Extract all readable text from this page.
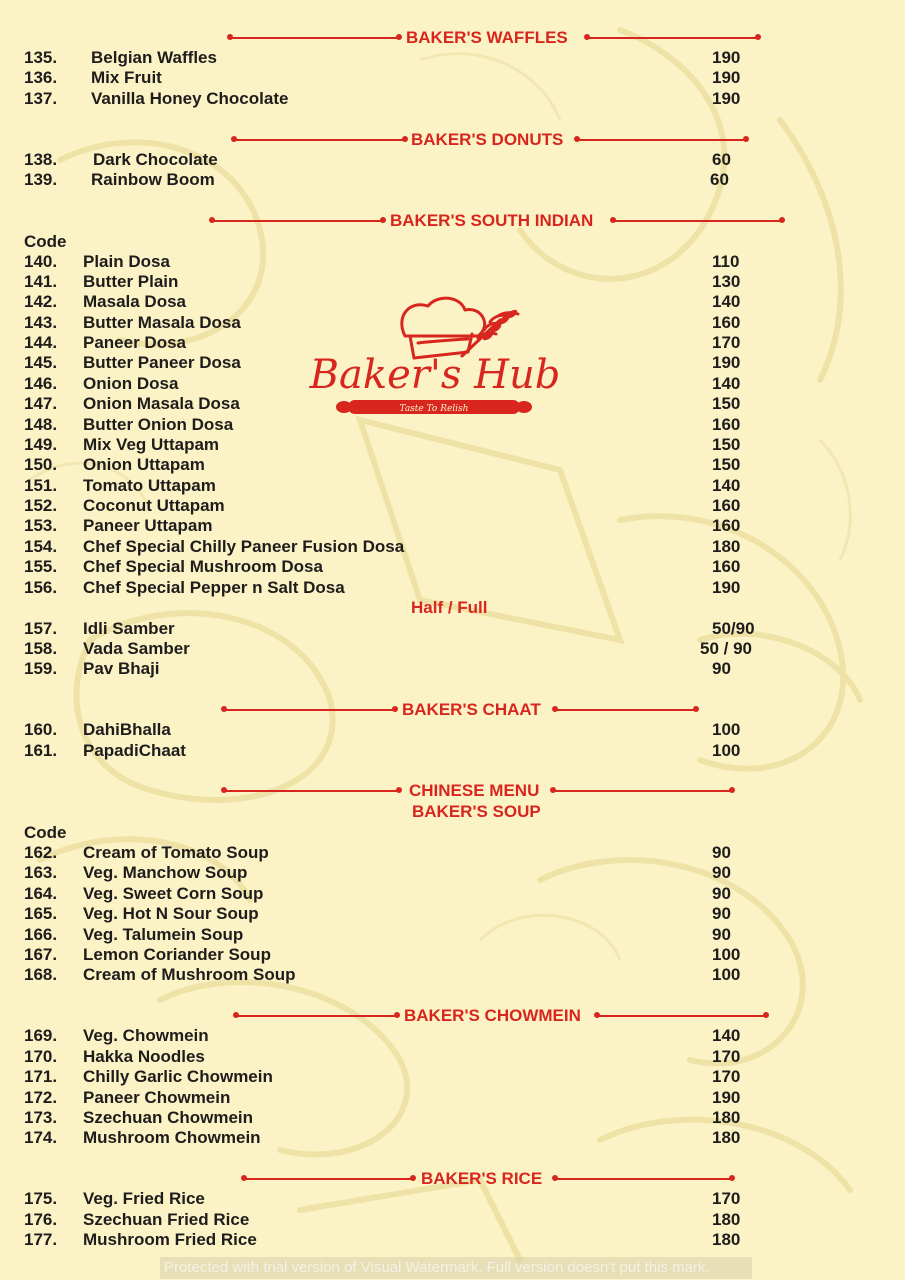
BAKER'S WAFFLES
BAKER'S DONUTS
BAKER'S SOUTH INDIAN
Code
Baker's Hub
Taste To Relish
Half / Full
BAKER'S CHAAT
CHINESE MENU
BAKER'S SOUP
Code
BAKER'S CHOWMEIN
BAKER'S RICE
135. Belgian Waffles	190
136. Mix Fruit	190
137. Vanilla Honey Chocolate	190
138. Dark Chocolate	60
139. Rainbow Boom	60
140. Plain Dosa	110
141. Butter Plain	130
142. Masala Dosa	140
143. Butter Masala Dosa	160
144. Paneer Dosa	170
145. Butter Paneer Dosa	190
146. Onion Dosa	140
147. Onion Masala Dosa	150
148. Butter Onion Dosa	160
149. Mix Veg Uttapam	150
150. Onion Uttapam	150
151. Tomato Uttapam	140
152. Coconut Uttapam	160
153. Paneer Uttapam	160
154. Chef Special Chilly Paneer Fusion Dosa	180
155. Chef Special Mushroom Dosa	160
156. Chef Special Pepper n Salt Dosa	190
157. Idli Samber	50/90
158. Vada Samber	50 / 90
159. Pav Bhaji	90
160. DahiBhalla	100
161. PapadiChaat	100
162. Cream of Tomato Soup	90
163. Veg. Manchow Soup	90
164. Veg. Sweet Corn Soup	90
165. Veg. Hot N Sour Soup	90
166. Veg. Talumein Soup	90
167. Lemon Coriander Soup	100
168. Cream of Mushroom Soup	100
169. Veg. Chowmein	140
170. Hakka Noodles	170
171. Chilly Garlic Chowmein	170
172. Paneer Chowmein	190
173. Szechuan Chowmein	180
174. Mushroom Chowmein	180
175. Veg. Fried Rice	170
176. Szechuan Fried Rice	180
177. Mushroom Fried Rice	180
Protected with trial version of Visual Watermark. Full version doesn't put this mark.
